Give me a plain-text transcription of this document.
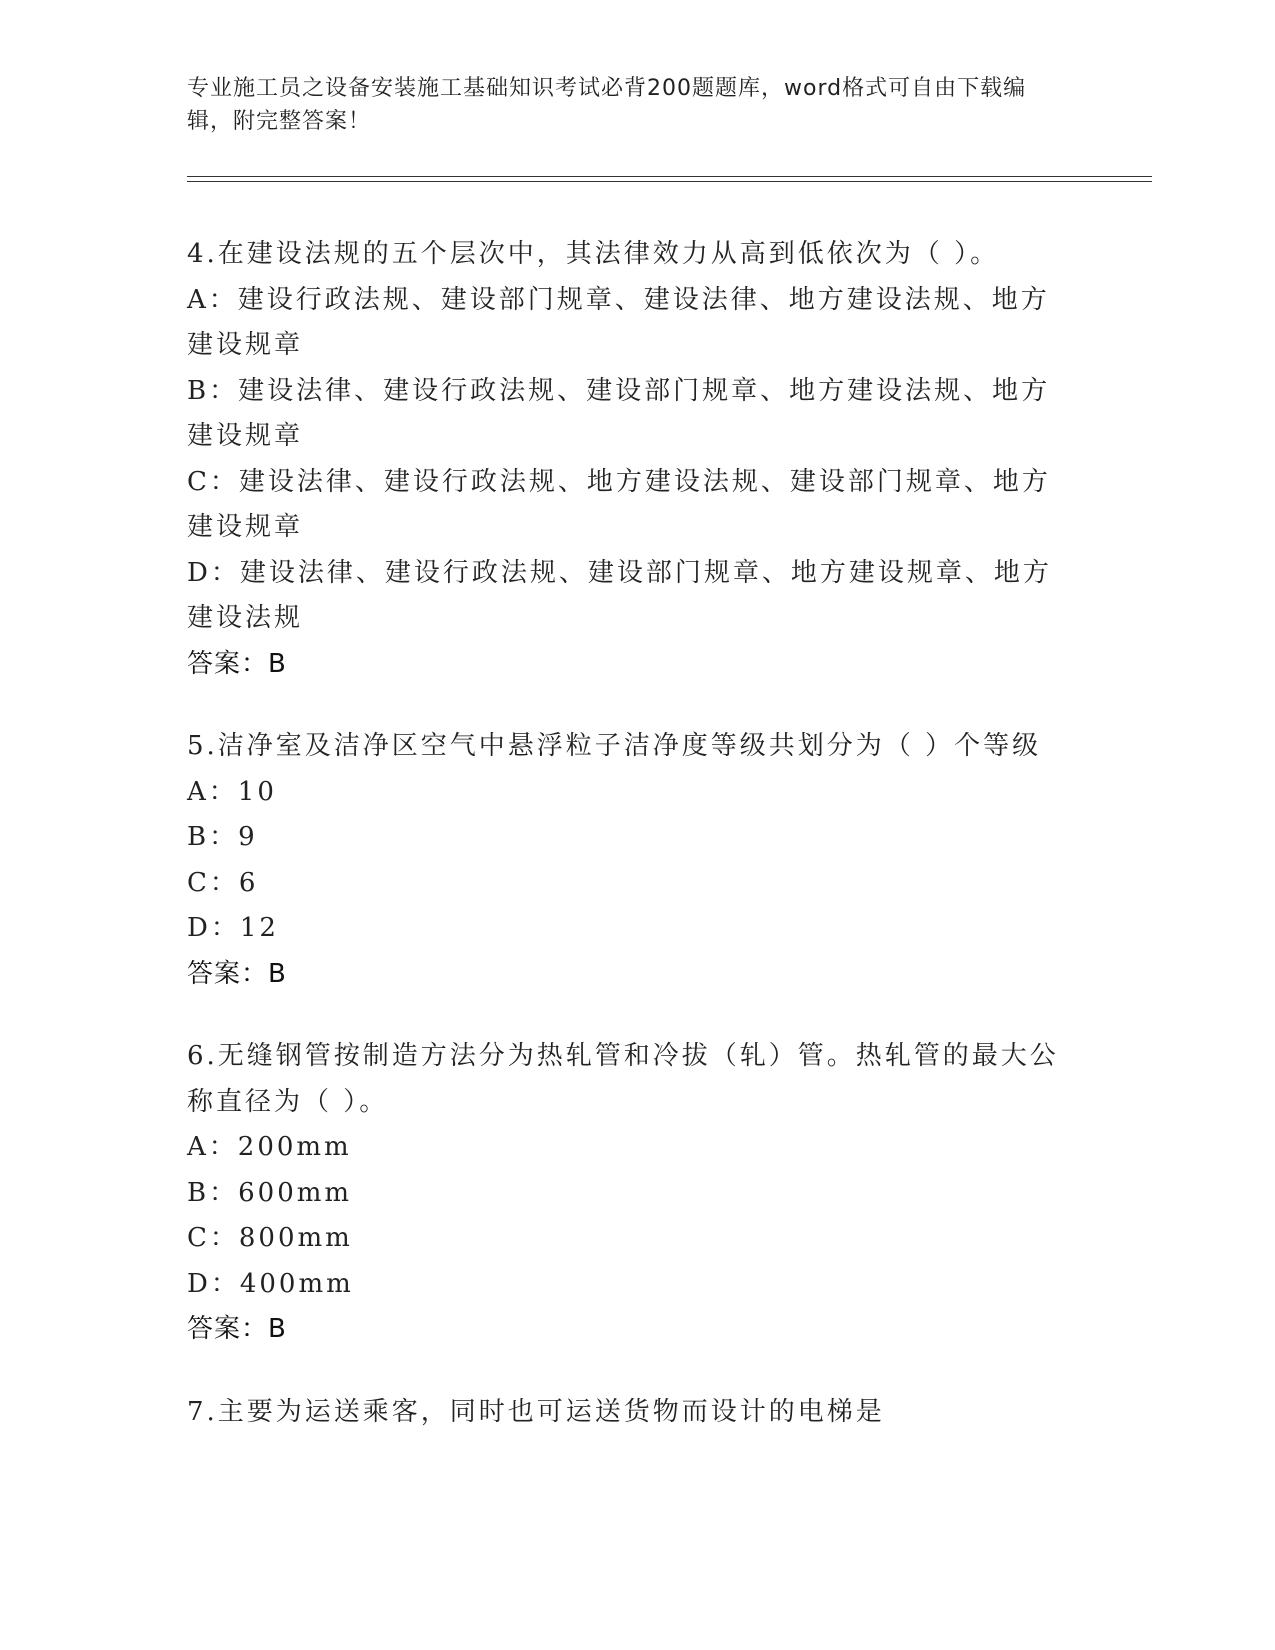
专业施工员之设备安装施工基础知识考试必背200题题库，word格式可自由下载编辑，附完整答案！

4.在建设法规的五个层次中，其法律效力从高到低依次为（ ）。

A：建设行政法规、建设部门规章、建设法律、地方建设法规、地方建设规章

B：建设法律、建设行政法规、建设部门规章、地方建设法规、地方建设规章

C：建设法律、建设行政法规、地方建设法规、建设部门规章、地方建设规章

D：建设法律、建设行政法规、建设部门规章、地方建设规章、地方建设法规

答案：B

5.洁净室及洁净区空气中悬浮粒子洁净度等级共划分为（ ）个等级

A：10

B：9

C：6

D：12

答案：B

6.无缝钢管按制造方法分为热轧管和冷拔（轧）管。热轧管的最大公称直径为（ ）。

A：200mm

B：600mm

C：800mm

D：400mm

答案：B

7.主要为运送乘客，同时也可运送货物而设计的电梯是
